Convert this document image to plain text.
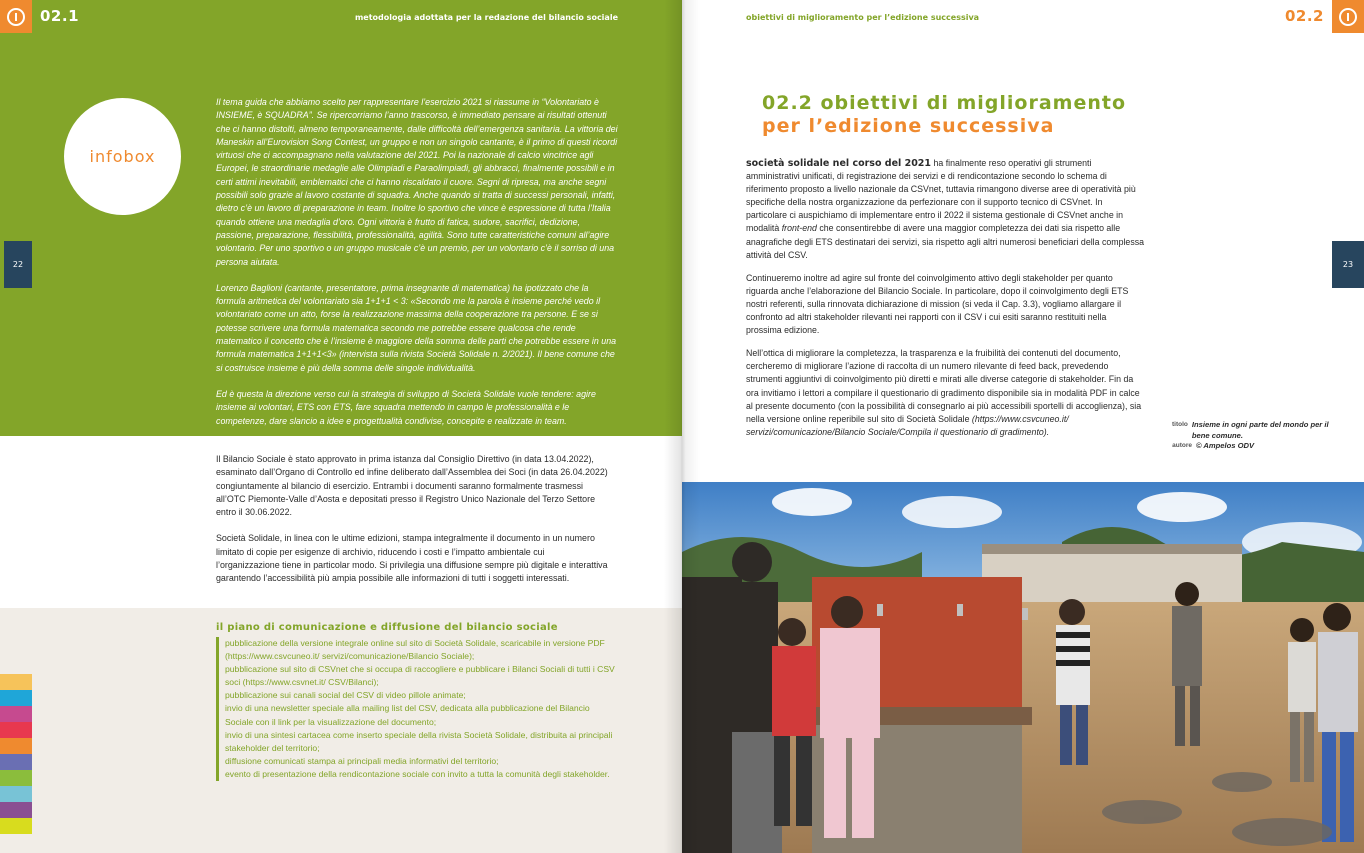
02.1	metodologia adottata per la redazione del bilancio sociale
infobox
22

Il tema guida che abbiamo scelto per rappresentare l’esercizio 2021 si riassume in “Volontariato è INSIEME, è SQUADRA”. Se ripercorriamo l’anno trascorso, è immediato pensare ai risultati ottenuti che ci hanno distolti, almeno temporaneamente, dalle difficoltà dell’emergenza sanitaria. La vittoria dei Maneskin all’Eurovision Song Contest, un gruppo e non un singolo cantante, è il primo di questi ricordi virtuosi che ci accompagnano nella valutazione del 2021. Poi la nazionale di calcio vincitrice agli Europei, le straordinarie medaglie alle Olimpiadi e Paraolimpiadi, gli abbracci, finalmente possibili e in certi attimi inevitabili, emblematici che ci hanno riscaldato il cuore. Segni di ripresa, ma anche segni possibili solo grazie al lavoro costante di squadra. Anche quando si tratta di successi personali, infatti, dietro c’è un lavoro di preparazione in team. Inoltre lo sportivo che vince è espressione di tutta l’Italia quando ottiene una medaglia d’oro. Ogni vittoria è frutto di fatica, sudore, sacrifici, dedizione, passione, preparazione, flessibilità, professionalità, agilità. Sono tutte caratteristiche comuni all’agire volontario. Per uno sportivo o un gruppo musicale c’è un premio, per un volontario c’è il sorriso di una persona aiutata.

Lorenzo Baglioni (cantante, presentatore, prima insegnante di matematica) ha ipotizzato che la formula aritmetica del volontariato sia 1+1+1 < 3: «Secondo me la parola è insieme perché vedo il volontariato come un atto, forse la realizzazione massima della cooperazione tra persone. E se si potesse scrivere una formula matematica secondo me potrebbe essere qualcosa che rende matematico il concetto che è l’insieme è maggiore della somma delle parti che potrebbe essere in una formula matematica 1+1+1<3» (intervista sulla rivista Società Solidale n. 2/2021). Il bene comune che si costruisce insieme è più della somma delle singole individualità.

Ed è questa la direzione verso cui la strategia di sviluppo di Società Solidale vuole tendere: agire insieme ai volontari, ETS con ETS, fare squadra mettendo in campo le professionalità e le competenze, dare slancio a idee e progettualità condivise, concepite e realizzate in team.

Il Bilancio Sociale è stato approvato in prima istanza dal Consiglio Direttivo (in data 13.04.2022), esaminato dall’Organo di Controllo ed infine deliberato dall’Assemblea dei Soci (in data 26.04.2022) congiuntamente al bilancio di esercizio. Entrambi i documenti saranno formalmente trasmessi all’OTC Piemonte-Valle d’Aosta e depositati presso il Registro Unico Nazionale del Terzo Settore entro il 30.06.2022.

Società Solidale, in linea con le ultime edizioni, stampa integralmente il documento in un numero limitato di copie per esigenze di archivio, riducendo i costi e l’impatto ambientale cui l’organizzazione tiene in particolar modo. Si privilegia una diffusione sempre più digitale e interattiva garantendo l’accessibilità più ampia possibile alle informazioni di tutti i soggetti interessati.

il piano di comunicazione e diffusione del bilancio sociale
pubblicazione della versione integrale online sul sito di Società Solidale, scaricabile in versione PDF (https://www.csvcuneo.it/ servizi/comunicazione/Bilancio Sociale);
pubblicazione sul sito di CSVnet che si occupa di raccogliere e pubblicare i Bilanci Sociali di tutti i CSV soci (https://www.csvnet.it/ CSV/Bilanci);
pubblicazione sui canali social del CSV di video pillole animate;
invio di una newsletter speciale alla mailing list del CSV, dedicata alla pubblicazione del Bilancio Sociale con il link per la visualizzazione del documento;
invio di una sintesi cartacea come inserto speciale della rivista Società Solidale, distribuita ai principali stakeholder del territorio;
diffusione comunicati stampa ai principali media informativi del territorio;
evento di presentazione della rendicontazione sociale con invito a tutta la comunità degli stakeholder.
obiettivi di miglioramento per l’edizione successiva	02.2
23
02.2 obiettivi di miglioramento
per l’edizione successiva

società solidale nel corso del 2021 ha finalmente reso operativi gli strumenti amministrativi unificati, di registrazione dei servizi e di rendicontazione secondo lo schema di riferimento proposto a livello nazionale da CSVnet, tuttavia rimangono diverse aree di operatività più specifiche della nostra organizzazione da perfezionare con il supporto tecnico di CSVnet. In particolare ci auspichiamo di implementare entro il 2022 il sistema gestionale di CSVnet anche in modalità front-end che consentirebbe di avere una maggior completezza dei dati sia rispetto alle anagrafiche degli ETS destinatari dei servizi, sia rispetto agli altri numerosi beneficiari della complessa attività del CSV.

Continueremo inoltre ad agire sul fronte del coinvolgimento attivo degli stakeholder per quanto riguarda anche l’elaborazione del Bilancio Sociale. In particolare, dopo il coinvolgimento degli ETS nostri referenti, sulla rinnovata dichiarazione di mission (si veda il Cap. 3.3), vogliamo allargare il confronto ad altri stakeholder rilevanti nei rapporti con il CSV i cui esiti saranno restituiti nella prossima edizione.

Nell’ottica di migliorare la completezza, la trasparenza e la fruibilità dei contenuti del documento, cercheremo di migliorare l’azione di raccolta di un numero rilevante di feed back, prevedendo strumenti aggiuntivi di coinvolgimento più diretti e mirati alle diverse categorie di stakeholder. Fin da ora invitiamo i lettori a compilare il questionario di gradimento disponibile sia in modalità PDF in calce al presente documento (con la possibilità di consegnarlo ai più accessibili sportelli di accoglienza), sia nella versione online reperibile sul sito di Società Solidale (https://www.csvcuneo.it/ servizi/comunicazione/Bilancio Sociale/Compila il questionario di gradimento).

titolo Insieme in ogni parte del mondo per il bene comune.
autore © Ampelos ODV
